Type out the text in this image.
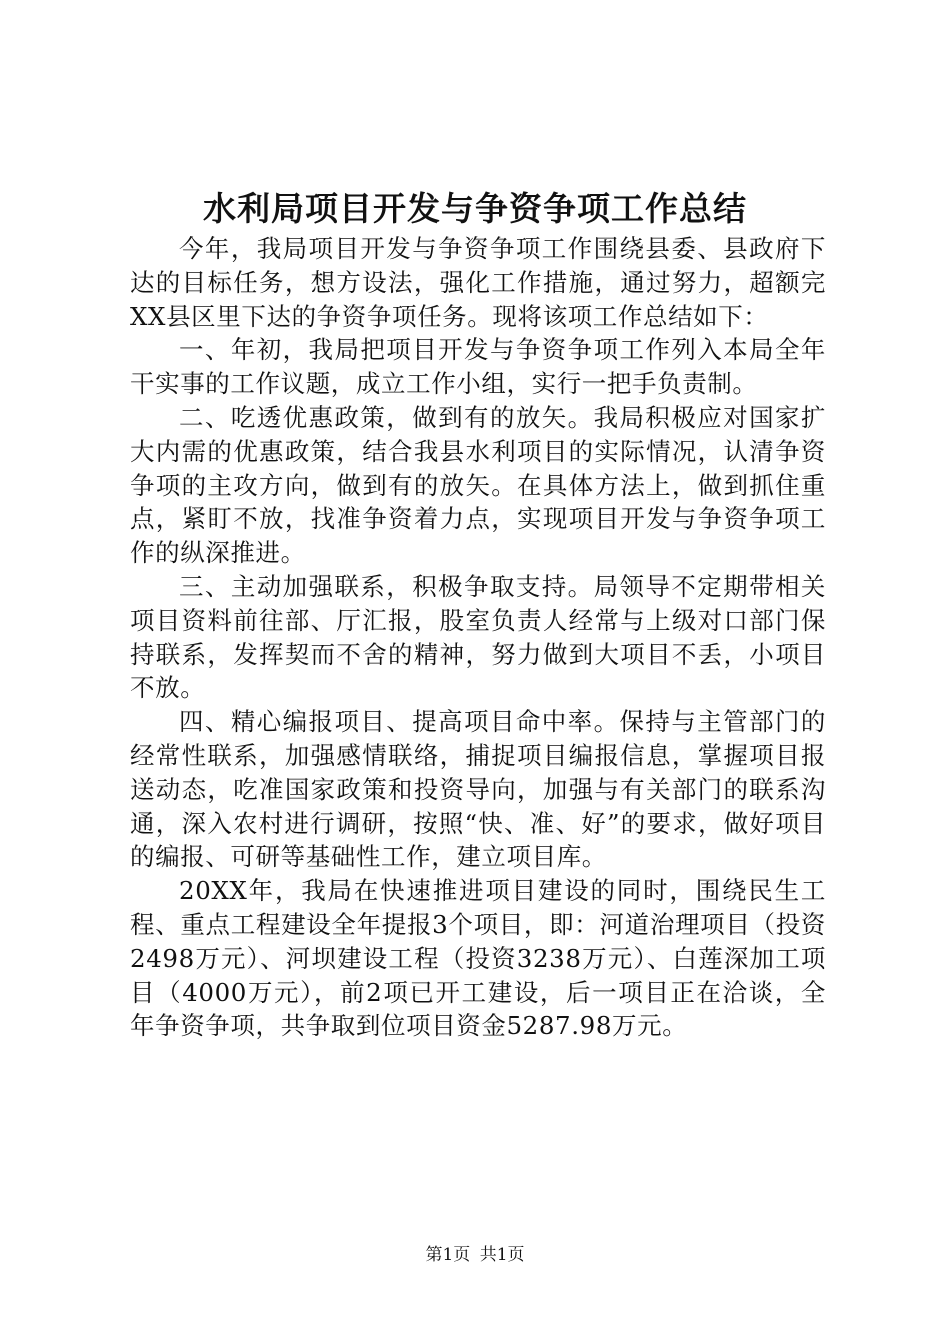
水利局项目开发与争资争项工作总结

今年，我局项目开发与争资争项工作围绕县委、县政府下达的目标任务，想方设法，强化工作措施，通过努力，超额完XX县区里下达的争资争项任务。现将该项工作总结如下：

一、年初，我局把项目开发与争资争项工作列入本局全年干实事的工作议题，成立工作小组，实行一把手负责制。

二、吃透优惠政策，做到有的放矢。我局积极应对国家扩大内需的优惠政策，结合我县水利项目的实际情况，认清争资争项的主攻方向，做到有的放矢。在具体方法上，做到抓住重点，紧盯不放，找准争资着力点，实现项目开发与争资争项工作的纵深推进。

三、主动加强联系，积极争取支持。局领导不定期带相关项目资料前往部、厅汇报，股室负责人经常与上级对口部门保持联系，发挥契而不舍的精神，努力做到大项目不丢，小项目不放。

四、精心编报项目、提高项目命中率。保持与主管部门的经常性联系，加强感情联络，捕捉项目编报信息，掌握项目报送动态，吃准国家政策和投资导向，加强与有关部门的联系沟通，深入农村进行调研，按照“快、准、好”的要求，做好项目的编报、可研等基础性工作，建立项目库。

20XX年，我局在快速推进项目建设的同时，围绕民生工程、重点工程建设全年提报3个项目，即：河道治理项目（投资2498万元）、河坝建设工程（投资3238万元）、白莲深加工项目（4000万元），前2项已开工建设，后一项目正在洽谈，全年争资争项，共争取到位项目资金5287.98万元。

第1页 共1页
